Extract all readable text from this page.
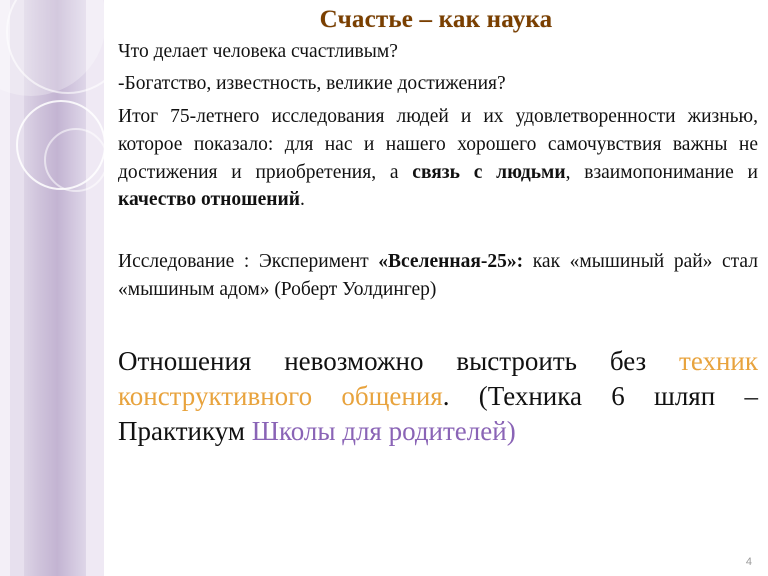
Счастье – как наука

Что делает человека счастливым?

-Богатство, известность, великие достижения?

Итог 75-летнего исследования людей и их удовлетворенности жизнью, которое показало: для нас и нашего хорошего самочувствия важны не достижения и приобретения, а связь с людьми, взаимопонимание и качество отношений.

Исследование : Эксперимент «Вселенная-25»: как «мышиный рай» стал «мышиным адом» (Роберт Уолдингер)

Отношения невозможно выстроить без техник конструктивного общения. (Техника 6 шляп – Практикум Школы для родителей)

4
